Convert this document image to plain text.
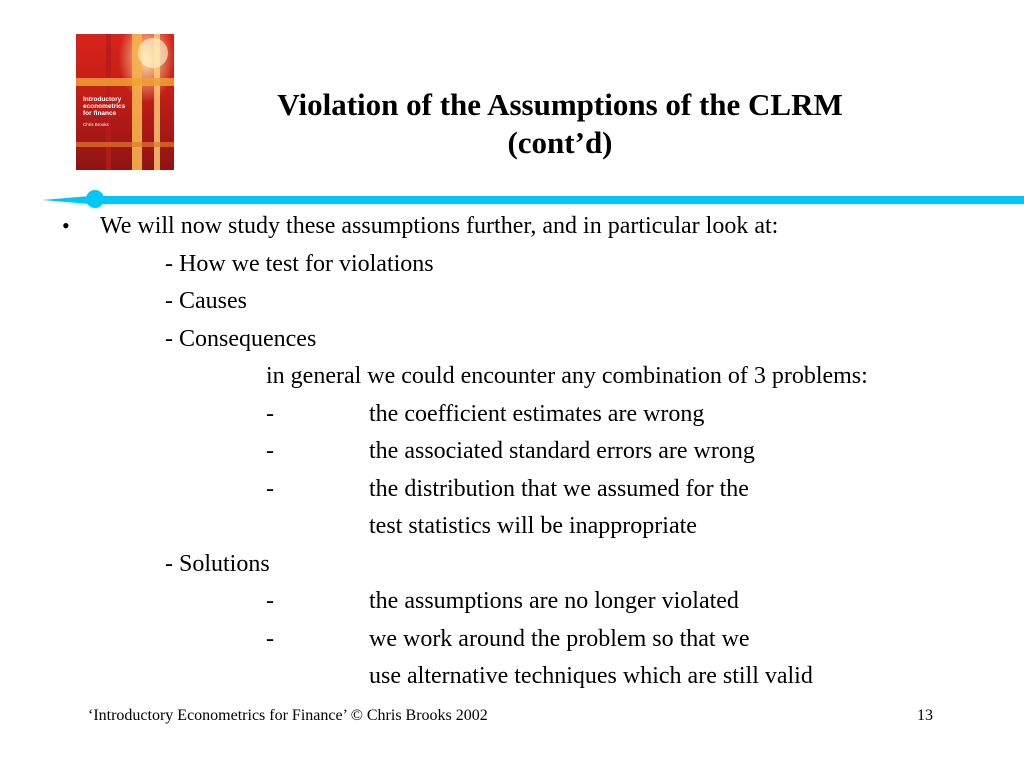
Introductory
econometrics
for finance
Chris Brooks
Violation of the Assumptions of the CLRM
(cont’d)
• We will now study these assumptions further, and in particular look at:
- How we test for violations
- Causes
- Consequences
in general we could encounter any combination of 3 problems:
-	the coefficient estimates are wrong
-	the associated standard errors are wrong
-	the distribution that we assumed for the
test statistics will be inappropriate
- Solutions
-	the assumptions are no longer violated
-	we work around the problem so that we
use alternative techniques which are still valid
‘Introductory Econometrics for Finance’ © Chris Brooks 2002	13
